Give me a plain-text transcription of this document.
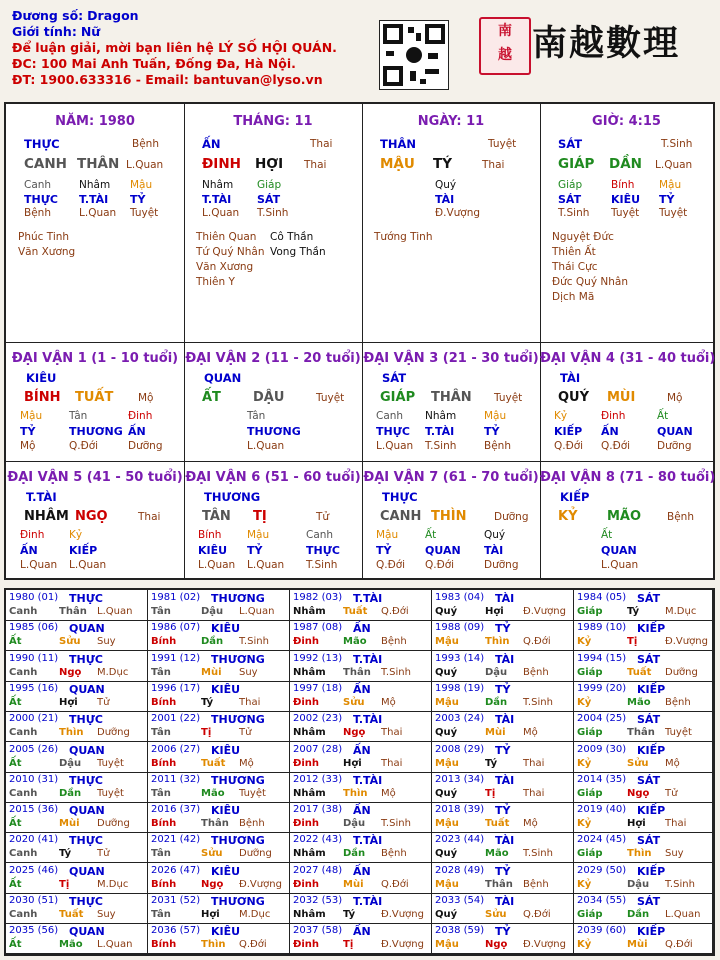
Đương số: Dragon
Giới tính: Nữ
Để luận giải, mời bạn liên hệ LÝ SỐ HỘI QUÁN.
ĐC: 100 Mai Anh Tuấn, Đống Đa, Hà Nội.
ĐT: 1900.633316 - Email: bantuvan@lyso.vn
南
越 南越數理
NĂM: 1980
THỰC	Bệnh
CANH THÂN L.Quan
Canh	Nhâm Mậu
THỰC T.TÀI TỶ
Bệnh	L.Quan Tuyệt
Phúc Tinh
Văn Xương
THÁNG: 11
ẤN	Thai
ĐINH HỢI Thai
Nhâm Giáp
T.TÀI SÁT
L.Quan T.Sinh
Thiên Quan
Tứ Quý Nhân
Văn Xương
Thiên Y
Cô Thần
Vong Thần
NGÀY: 11
THÂN	Tuyệt
MẬU TÝ	Thai
Quý
TÀI
Đ.Vượng
Tướng Tinh
GIỜ: 4:15
SÁT	T.Sinh
GIÁP DẦN L.Quan
Giáp	Bính Mậu
SÁT	KIÊU TỶ
T.Sinh Tuyệt Tuyệt
Nguyệt Đức
Thiên Ất
Thái Cực
Đức Quý Nhân
Dịch Mã
ĐẠI VẬN 1 (1 - 10 tuổi)
KIÊU
BÍNH TUẤT Mộ
Mậu	Tân	Đinh
TỶ	THƯƠNG ẤN
Mộ	Q.Đới	Dưỡng
ĐẠI VẬN 2 (11 - 20 tuổi)
QUAN
ẤT DẬU	Tuyệt
Tân
THƯƠNG
L.Quan
ĐẠI VẬN 3 (21 - 30 tuổi)
SÁT
GIÁP THÂN Tuyệt
Canh Nhâm	Mậu
THỰC T.TÀI	TỶ
L.Quan T.Sinh	Bệnh
ĐẠI VẬN 4 (31 - 40 tuổi)
TÀI
QUÝ MÙI	Mộ
Kỷ	Đinh	Ất
KIẾP ẤN	QUAN
Q.Đới Q.Đới	Dưỡng
ĐẠI VẬN 5 (41 - 50 tuổi)
T.TÀI
NHÂM NGỌ	Thai
Đinh Kỷ
ẤN	KIẾP
L.Quan L.Quan
ĐẠI VẬN 6 (51 - 60 tuổi)
THƯƠNG
TÂN TỊ	Tử
Bính Mậu	Canh
KIÊU TỶ	THỰC
L.Quan L.Quan T.Sinh
ĐẠI VẬN 7 (61 - 70 tuổi)
THỰC
CANH THÌN	Dưỡng
Mậu	Ất	Quý
TỶ	QUAN TÀI
Q.Đới Q.Đới	Dưỡng
ĐẠI VẬN 8 (71 - 80 tuổi)
KIẾP
KỶ MÃO Bệnh
Ất
QUAN
L.Quan
1980 (01) THỰC
Canh Thân L.Quan
1981 (02) THƯƠNG
Tân	Dậu L.Quan
1982 (03) T.TÀI
Nhâm Tuất Q.Đới
1983 (04) TÀI
Quý	Hợi Đ.Vượng
1984 (05) SÁT
Giáp Tý	M.Dục
1985 (06) QUAN
Ất	Sửu Suy
1986 (07) KIÊU
Bính Dần T.Sinh
1987 (08) ẤN
Đinh Mão Bệnh
1988 (09) TỶ
Mậu	Thìn Q.Đới
1989 (10) KIẾP
Kỷ	Tị	Đ.Vượng
1990 (11) THỰC
Canh Ngọ M.Dục
1991 (12) THƯƠNG
Tân	Mùi Suy
1992 (13) T.TÀI
Nhâm Thân T.Sinh
1993 (14) TÀI
Quý	Dậu Bệnh
1994 (15) SÁT
Giáp Tuất Dưỡng
1995 (16) QUAN
Ất	Hợi Tử
1996 (17) KIÊU
Bính Tý	Thai
1997 (18) ẤN
Đinh Sửu Mộ
1998 (19) TỶ
Mậu	Dần T.Sinh
1999 (20) KIẾP
Kỷ	Mão Bệnh
2000 (21) THỰC
Canh Thìn Dưỡng
2001 (22) THƯƠNG
Tân	Tị	Tử
2002 (23) T.TÀI
Nhâm Ngọ Thai
2003 (24) TÀI
Quý	Mùi Mộ
2004 (25) SÁT
Giáp Thân Tuyệt
2005 (26) QUAN
Ất	Dậu Tuyệt
2006 (27) KIÊU
Bính Tuất Mộ
2007 (28) ẤN
Đinh Hợi Thai
2008 (29) TỶ
Mậu	Tý	Thai
2009 (30) KIẾP
Kỷ	Sửu Mộ
2010 (31) THỰC
Canh Dần Tuyệt
2011 (32) THƯƠNG
Tân	Mão Tuyệt
2012 (33) T.TÀI
Nhâm Thìn Mộ
2013 (34) TÀI
Quý	Tị	Thai
2014 (35) SÁT
Giáp Ngọ Tử
2015 (36) QUAN
Ất	Mùi Dưỡng
2016 (37) KIÊU
Bính Thân Bệnh
2017 (38) ẤN
Đinh Dậu T.Sinh
2018 (39) TỶ
Mậu	Tuất Mộ
2019 (40) KIẾP
Kỷ	Hợi Thai
2020 (41) THỰC
Canh Tý	Tử
2021 (42) THƯƠNG
Tân	Sửu Dưỡng
2022 (43) T.TÀI
Nhâm Dần Bệnh
2023 (44) TÀI
Quý	Mão T.Sinh
2024 (45) SÁT
Giáp Thìn Suy
2025 (46) QUAN
Ất	Tị	M.Dục
2026 (47) KIÊU
Bính Ngọ Đ.Vượng
2027 (48) ẤN
Đinh Mùi Q.Đới
2028 (49) TỶ
Mậu	Thân Bệnh
2029 (50) KIẾP
Kỷ	Dậu T.Sinh
2030 (51) THỰC
Canh Tuất Suy
2031 (52) THƯƠNG
Tân	Hợi M.Dục
2032 (53) T.TÀI
Nhâm Tý	Đ.Vượng
2033 (54) TÀI
Quý	Sửu Q.Đới
2034 (55) SÁT
Giáp Dần L.Quan
2035 (56) QUAN
Ất	Mão L.Quan
2036 (57) KIÊU
Bính Thìn Q.Đới
2037 (58) ẤN
Đinh Tị	Đ.Vượng
2038 (59) TỶ
Mậu	Ngọ Đ.Vượng
2039 (60) KIẾP
Kỷ	Mùi Q.Đới
